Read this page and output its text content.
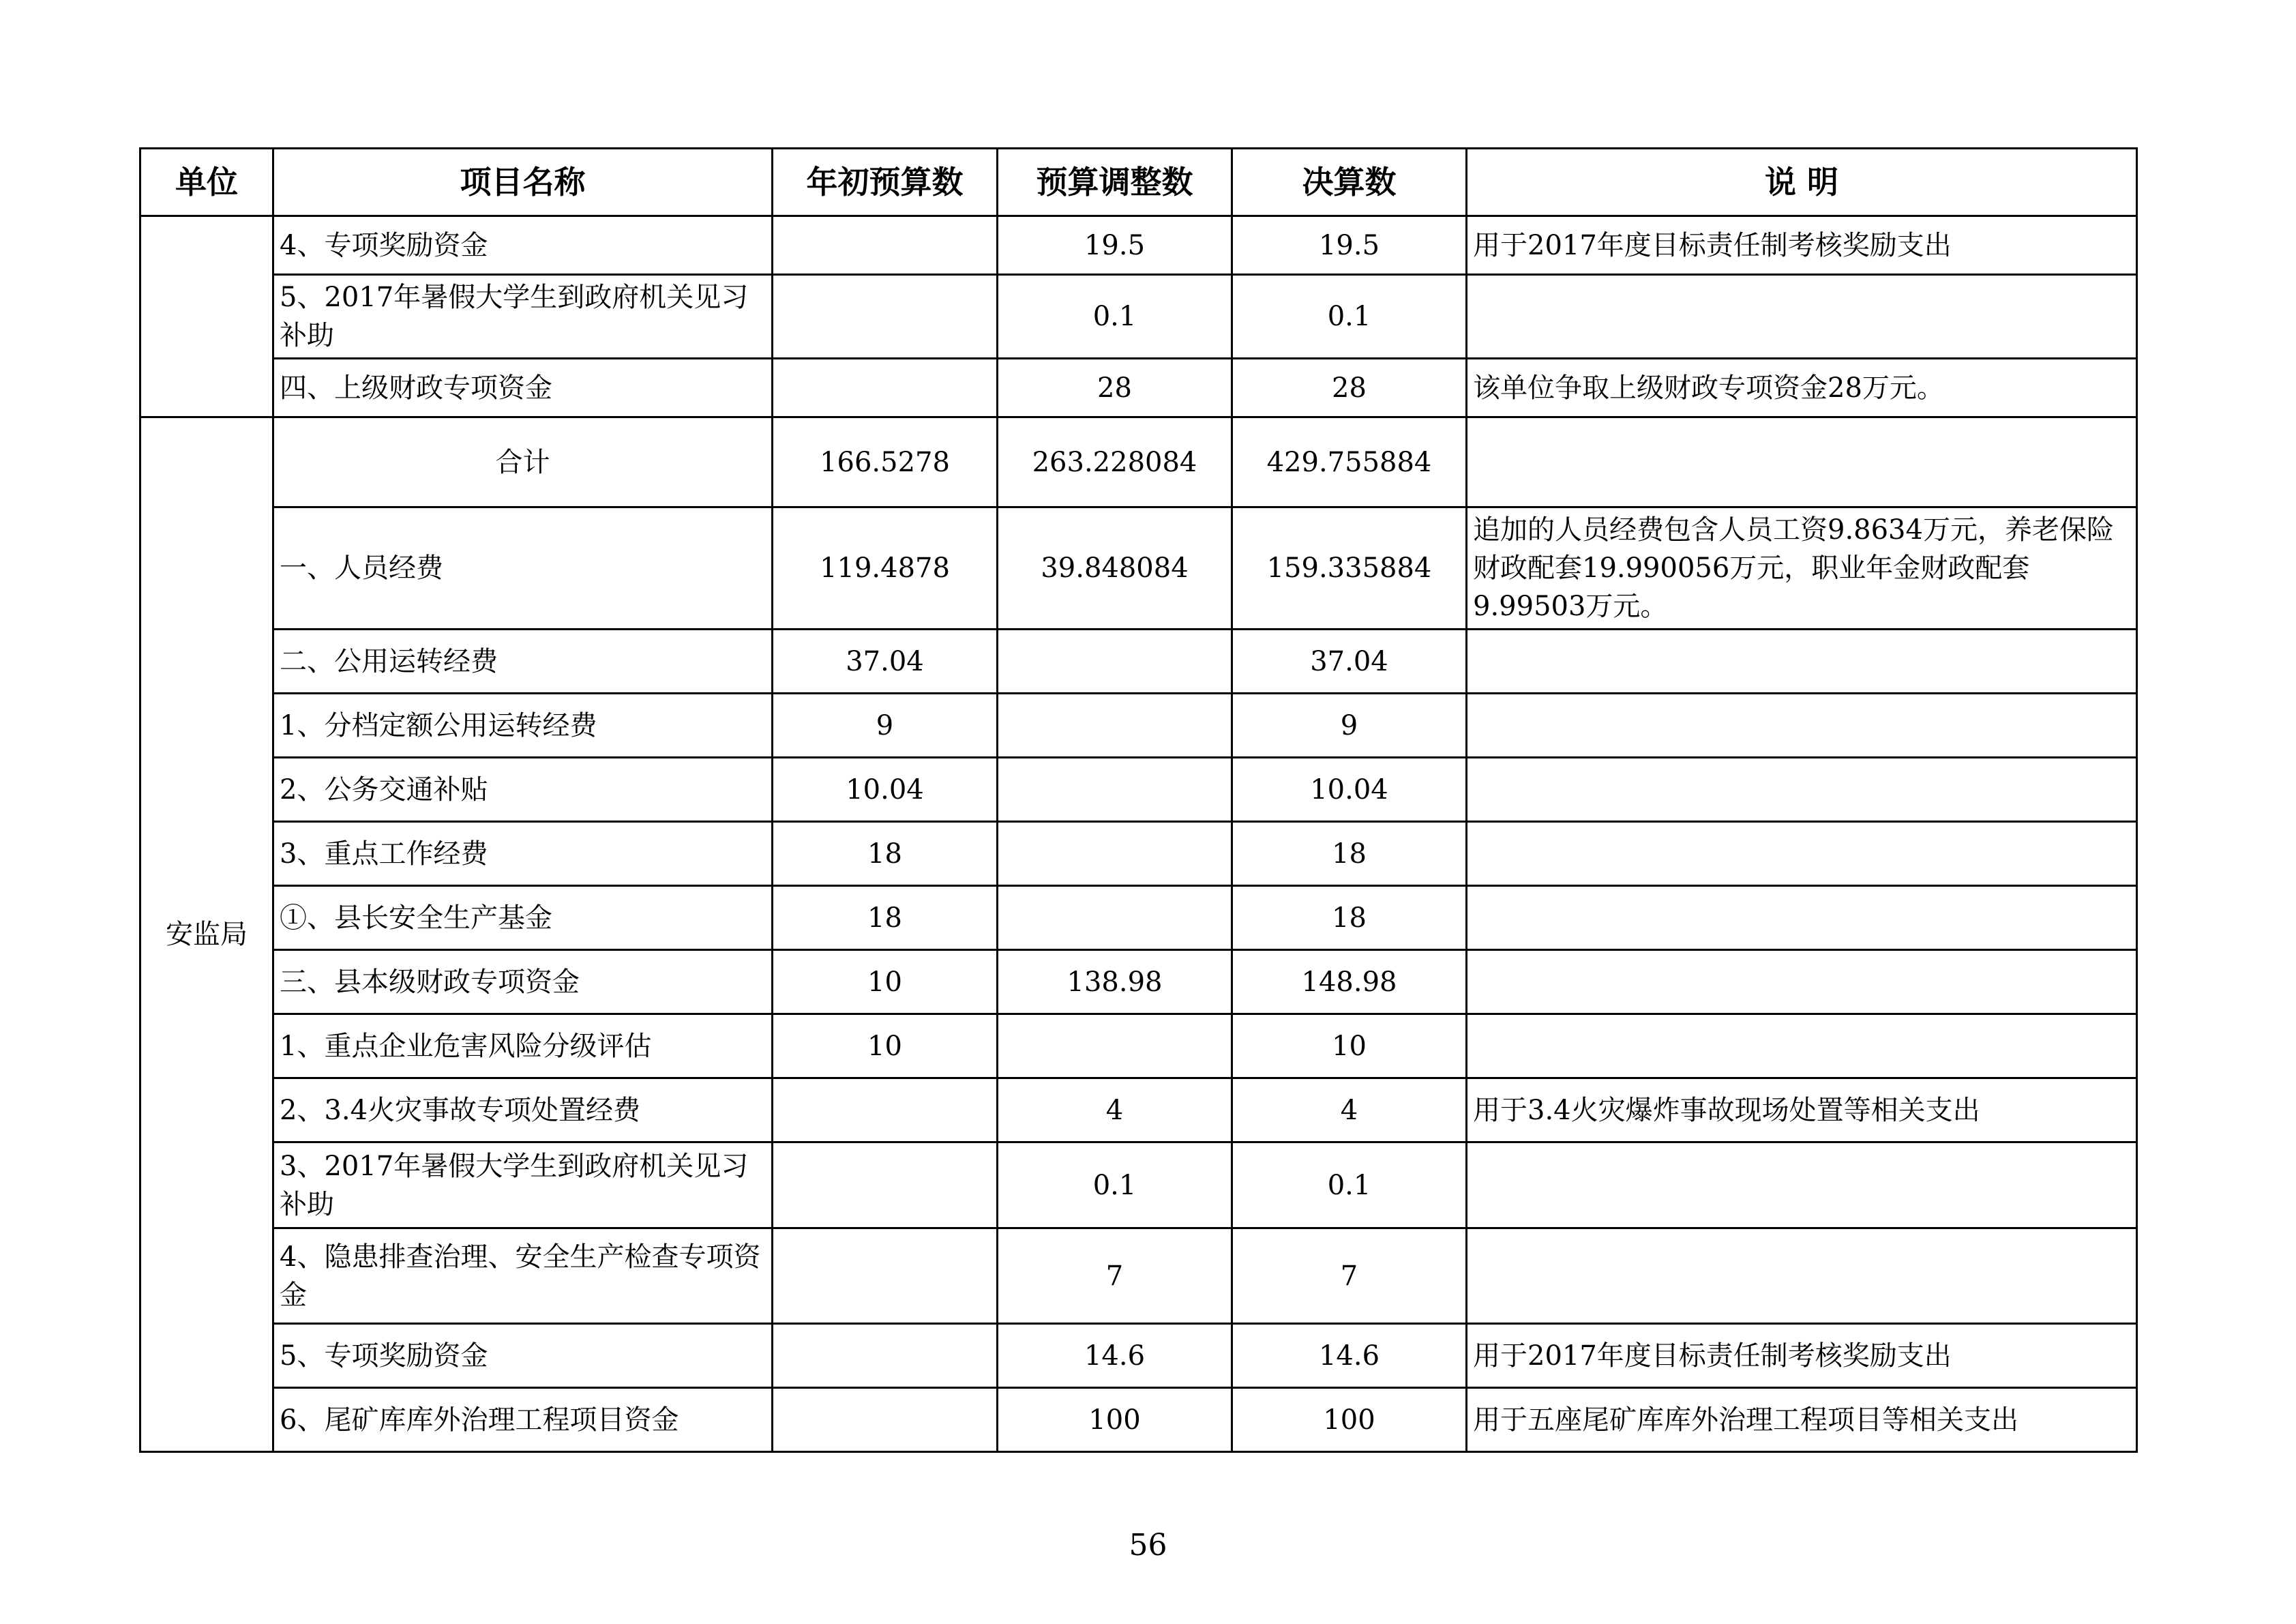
单位	项目名称	年初预算数	预算调整数	决算数	说 明
	4、专项奖励资金		19.5	19.5	用于2017年度目标责任制考核奖励支出
	5、2017年暑假大学生到政府机关见习补助		0.1	0.1	
	四、上级财政专项资金		28	28	该单位争取上级财政专项资金28万元。
安监局	合计	166.5278	263.228084	429.755884	
	一、人员经费	119.4878	39.848084	159.335884	追加的人员经费包含人员工资9.8634万元，养老保险财政配套19.990056万元，职业年金财政配套9.99503万元。
	二、公用运转经费	37.04		37.04	
	1、分档定额公用运转经费	9		9	
	2、公务交通补贴	10.04		10.04	
	3、重点工作经费	18		18	
	①、县长安全生产基金	18		18	
	三、县本级财政专项资金	10	138.98	148.98	
	1、重点企业危害风险分级评估	10		10	
	2、3.4火灾事故专项处置经费		4	4	用于3.4火灾爆炸事故现场处置等相关支出
	3、2017年暑假大学生到政府机关见习补助		0.1	0.1	
	4、隐患排查治理、安全生产检查专项资金		7	7	
	5、专项奖励资金		14.6	14.6	用于2017年度目标责任制考核奖励支出
	6、尾矿库库外治理工程项目资金		100	100	用于五座尾矿库库外治理工程项目等相关支出
56
